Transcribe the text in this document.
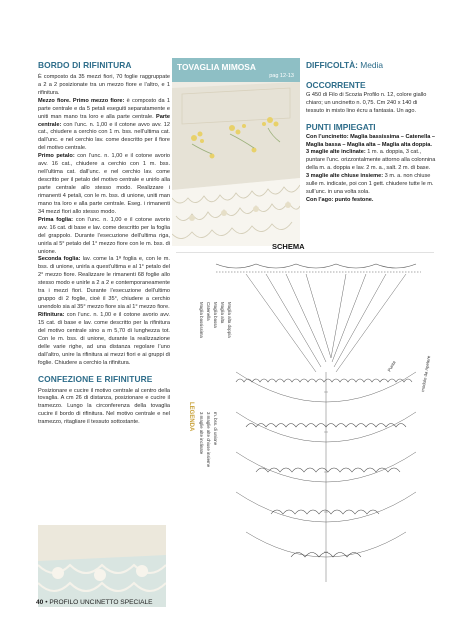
BORDO DI RIFINITURA

È composto da 35 mezzi fiori, 70 foglie raggruppate a 2 a 2 posizionate tra un mezzo fiore e l’altro, e 1 rifinitura.

Mezzo fiore. Primo mezzo fiore: è composto da 1 parte centrale e da 5 petali eseguiti separatamente e uniti man mano tra loro e alla parte centrale. Parte centrale: con l’unc. n. 1,00 e il cotone avvo avv. 12 cat., chiudere a cerchio con 1 m. bss. nell’ultima cat. dall’unc. e nel cerchio lav. come descritto per il fiore del motivo centrale.

Primo petalo: con l’unc. n. 1,00 e il cotone avorio avv. 16 cat., chiudere a cerchio con 1 m. bss. nell’ultima cat. dall’unc. e nel cerchio lav. come descritto per il petalo del motivo centrale e unirlo alla parte centrale allo stesso modo. Realizzare i rimanenti 4 petali, con le m. bss. di unione, uniti man mano tra loro e alla parte centrale. Eseg. i rimanenti 34 mezzi fiori allo stesso modo.

Prima foglia: con l’unc. n. 1,00 e il cotone avorio avv. 16 cat. di base e lav. come descritto per la foglia del grappolo. Durante l’esecuzione dell’ultima riga, unirla al 5° petalo del 1° mezzo fiore con le m. bss. di unione.

Seconda foglia: lav. come la 1ª foglia e, con le m. bss. di unione, unirla a quest’ultima e al 1° petalo del 2° mezzo fiore. Realizzare le rimanenti 68 foglie allo stesso modo e unirle a 2 a 2 e contemporaneamente tra i mezzi fiori. Durante l’esecuzione dell’ultimo gruppo di 2 foglie, cioè il 35°, chiudere a cerchio unendolo sia al 35° mezzo fiore sia al 1° mezzo fiore.

Rifinitura: con l’unc. n. 1,00 e il cotone avorio avv. 15 cat. di base e lav. come descritto per la rifinitura del motivo centrale sino a m 5,70 di lunghezza tot. Con le m. bss. di unione, durante la realizzazione delle varie righe, ad una distanza regolare l’uno dall’altro, unire la rifinitura ai mezzi fiori e ai gruppi di foglie. Chiudere a cerchio la rifinitura.

CONFEZIONE E RIFINITURE

Posizionare e cucire il motivo centrale al centro della tovaglia. A cm 26 di distanza, posizionare e cucire il tramezzo. Lungo la circonferenza della tovaglia cucire il bordo di rifinitura. Nel motivo centrale e nel tramezzo, ritagliare il tessuto sottostante.

TOVAGLIA MIMOSA
pag 12-13

DIFFICOLTÀ: Media

OCCORRENTE

G 450 di Filo di Scozia Profilo n. 12, colore giallo chiaro; un uncinetto n. 0,75. Cm 240 x 140 di tessuto in misto lino écru a fantasia. Un ago.

PUNTI IMPIEGATI

Con l’uncinetto: Maglia bassissima – Catenella – Maglia bassa – Maglia alta – Maglia alta doppia.

3 maglie alte inclinate: 1 m. a. doppia, 3 cat., puntare l’unc. orizzontalmente attorno alla colonnina della m. a. doppia e lav. 2 m. a., salt. 2 m. di base.

3 maglie alte chiuse insieme: 3 m. a. non chiuse sulle m. indicate, poi con 1 gett. chiudere tutte le m. sull’unc. in una volta sola.

Con l’ago: punto festone.

SCHEMA
LEGENDA
Maglia bassissima Catenella Maglia bassa Maglia alta Maglia alta doppia
3 maglie alte inclinate 3 maglie alte chiuse insieme m. bss. di unione
Punta	modulo da ripetere
40 • PROFILO UNCINETTO SPECIALE
